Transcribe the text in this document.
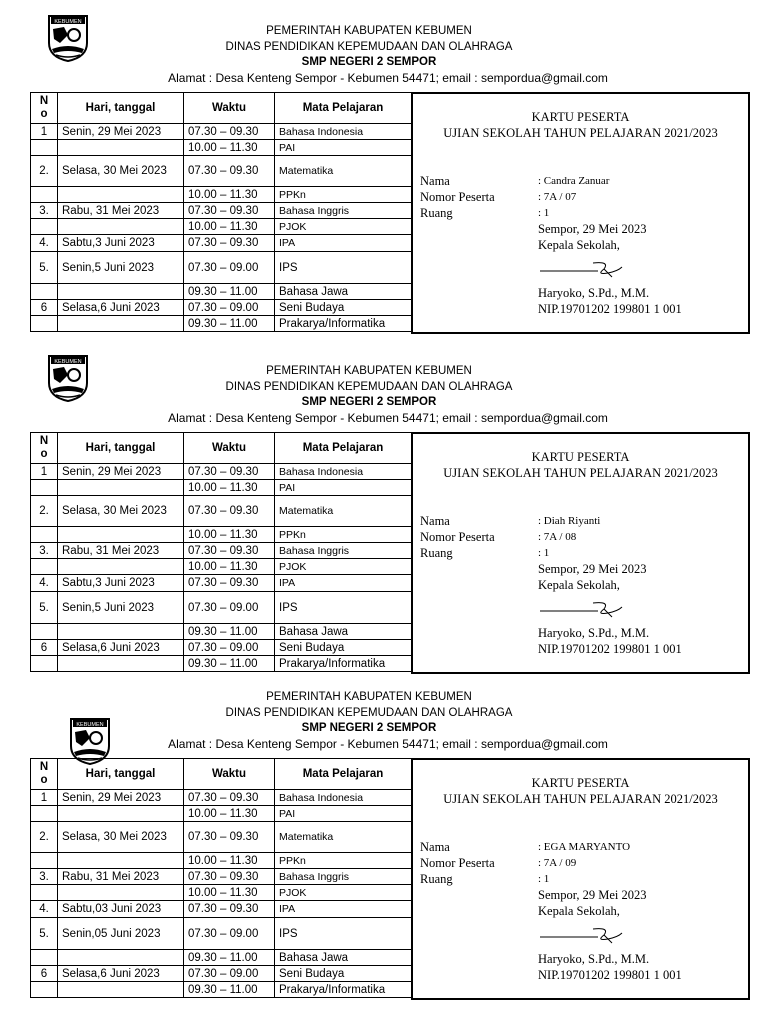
KEBUMEN
PEMERINTAH KABUPATEN KEBUMEN
DINAS PENDIDIKAN KEPEMUDAAN DAN OLAHRAGA
SMP NEGERI 2 SEMPOR
Alamat : Desa Kenteng Sempor - Kebumen 54471; email : sempordua@gmail.com
No	Hari, tanggal	Waktu	Mata Pelajaran
1	Senin, 29 Mei 2023	07.30 – 09.30	Bahasa Indonesia
		10.00 – 11.30	PAI
2.	Selasa, 30 Mei 2023	07.30 – 09.30	Matematika
		10.00 – 11.30	PPKn
3.	Rabu, 31 Mei 2023	07.30 – 09.30	Bahasa Inggris
		10.00 – 11.30	PJOK
4.	Sabtu,3 Juni 2023	07.30 – 09.30	IPA
5.	Senin,5 Juni 2023	07.30 – 09.00	IPS
		09.30 – 11.00	Bahasa Jawa
6	Selasa,6 Juni 2023	07.30 – 09.00	Seni Budaya
		09.30 – 11.00	Prakarya/Informatika
KARTU PESERTA
UJIAN SEKOLAH TAHUN PELAJARAN 2021/2023
Nama	: Candra Zanuar
Nomor Peserta	: 7A / 07
Ruang	: 1
Sempor, 29 Mei 2023
Kepala Sekolah,
Haryoko, S.Pd., M.M.
NIP.19701202 199801 1 001
KEBUMEN
PEMERINTAH KABUPATEN KEBUMEN
DINAS PENDIDIKAN KEPEMUDAAN DAN OLAHRAGA
SMP NEGERI 2 SEMPOR
Alamat : Desa Kenteng Sempor - Kebumen 54471; email : sempordua@gmail.com
No	Hari, tanggal	Waktu	Mata Pelajaran
1	Senin, 29 Mei 2023	07.30 – 09.30	Bahasa Indonesia
		10.00 – 11.30	PAI
2.	Selasa, 30 Mei 2023	07.30 – 09.30	Matematika
		10.00 – 11.30	PPKn
3.	Rabu, 31 Mei 2023	07.30 – 09.30	Bahasa Inggris
		10.00 – 11.30	PJOK
4.	Sabtu,3 Juni 2023	07.30 – 09.30	IPA
5.	Senin,5 Juni 2023	07.30 – 09.00	IPS
		09.30 – 11.00	Bahasa Jawa
6	Selasa,6 Juni 2023	07.30 – 09.00	Seni Budaya
		09.30 – 11.00	Prakarya/Informatika
KARTU PESERTA
UJIAN SEKOLAH TAHUN PELAJARAN 2021/2023
Nama	: Diah Riyanti
Nomor Peserta	: 7A / 08
Ruang	: 1
Sempor, 29 Mei 2023
Kepala Sekolah,
Haryoko, S.Pd., M.M.
NIP.19701202 199801 1 001
KEBUMEN
PEMERINTAH KABUPATEN KEBUMEN
DINAS PENDIDIKAN KEPEMUDAAN DAN OLAHRAGA
SMP NEGERI 2 SEMPOR
Alamat : Desa Kenteng Sempor - Kebumen 54471; email : sempordua@gmail.com
No	Hari, tanggal	Waktu	Mata Pelajaran
1	Senin, 29 Mei 2023	07.30 – 09.30	Bahasa Indonesia
		10.00 – 11.30	PAI
2.	Selasa, 30 Mei 2023	07.30 – 09.30	Matematika
		10.00 – 11.30	PPKn
3.	Rabu, 31 Mei 2023	07.30 – 09.30	Bahasa Inggris
		10.00 – 11.30	PJOK
4.	Sabtu,03 Juni 2023	07.30 – 09.30	IPA
5.	Senin,05 Juni 2023	07.30 – 09.00	IPS
		09.30 – 11.00	Bahasa Jawa
6	Selasa,6 Juni 2023	07.30 – 09.00	Seni Budaya
		09.30 – 11.00	Prakarya/Informatika
KARTU PESERTA
UJIAN SEKOLAH TAHUN PELAJARAN 2021/2023
Nama	: EGA MARYANTO
Nomor Peserta	: 7A / 09
Ruang	: 1
Sempor, 29 Mei 2023
Kepala Sekolah,
Haryoko, S.Pd., M.M.
NIP.19701202 199801 1 001
